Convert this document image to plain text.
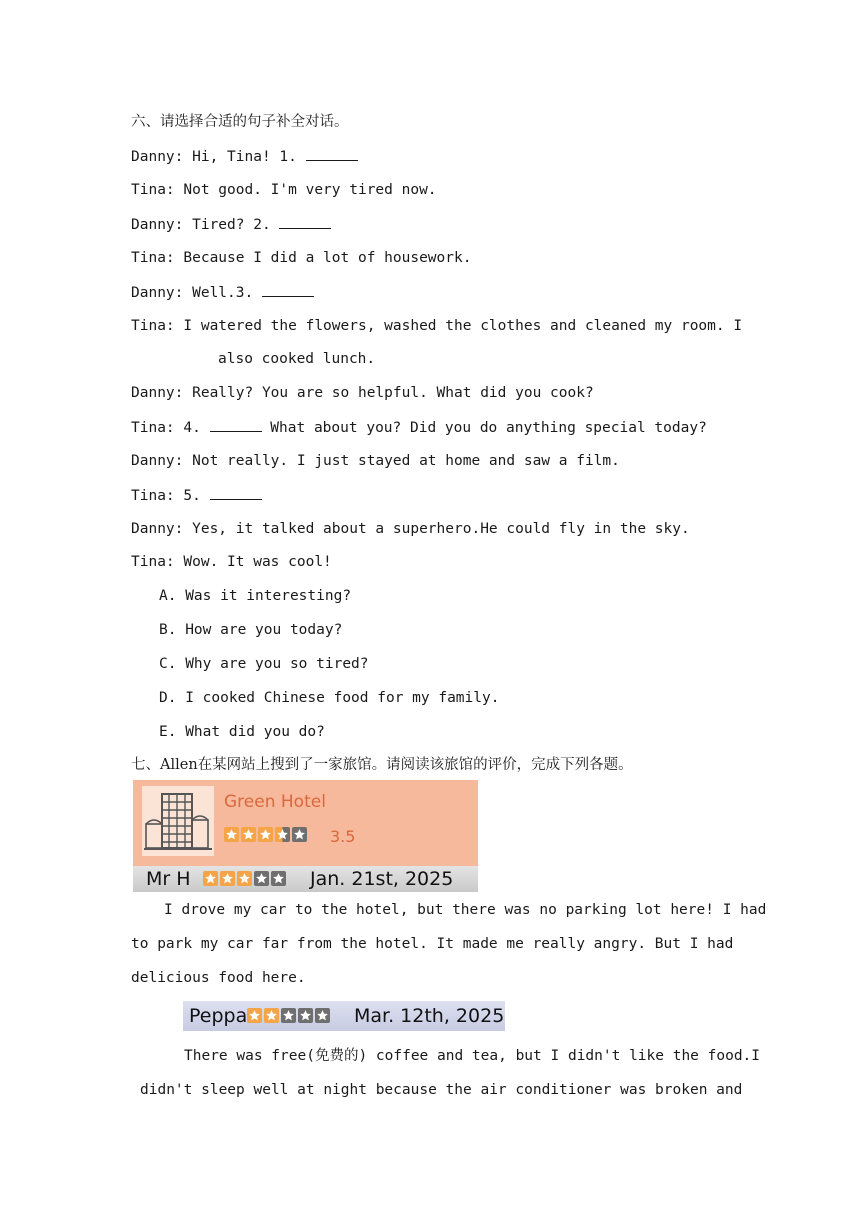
六、请选择合适的句子补全对话。
Danny: Hi, Tina! 1.
Tina: Not good. I'm very tired now.
Danny: Tired? 2.
Tina: Because I did a lot of housework.
Danny: Well.3.
Tina: I watered the flowers, washed the clothes and cleaned my room. I
also cooked lunch.
Danny: Really? You are so helpful. What did you cook?
Tina: 4.	What about you? Did you do anything special today?
Danny: Not really. I just stayed at home and saw a film.
Tina: 5.
Danny: Yes, it talked about a superhero.He could fly in the sky.
Tina: Wow. It was cool!
A. Was it interesting?
B. How are you today?
C. Why are you so tired?
D. I cooked Chinese food for my family.
E. What did you do?
七、Allen在某网站上搜到了一家旅馆。请阅读该旅馆的评价，完成下列各题。
Green Hotel
3.5
Mr H	Jan. 21st, 2025
I drove my car to the hotel, but there was no parking lot here! I had
to park my car far from the hotel. It made me really angry. But I had
delicious food here.
Peppa	Mar. 12th, 2025
There was free(免费的) coffee and tea, but I didn't like the food.I
didn't sleep well at night because the air conditioner was broken and
